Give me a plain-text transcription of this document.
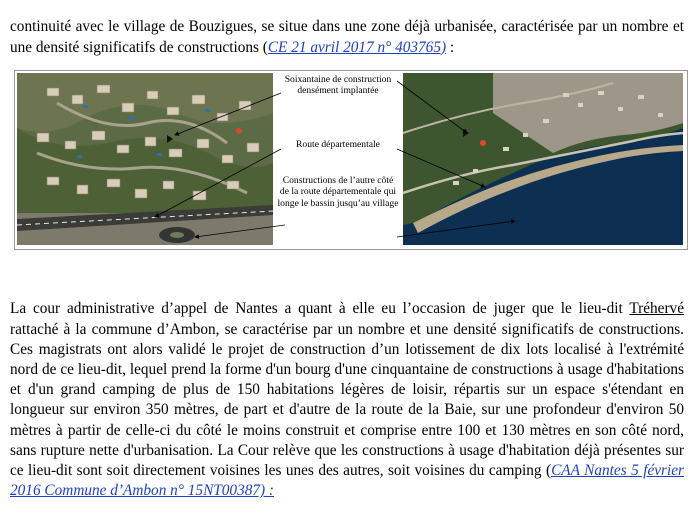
continuité avec le village de Bouzigues, se situe dans une zone déjà urbanisée, caractérisée par un nombre et une densité significatifs de constructions (CE 21 avril 2017 n° 403765) :

Soixantaine de construction densément implantée
Route départementale
Constructions de l’autre côté de la route départementale qui longe le bassin jusqu’au village

La cour administrative d’appel de Nantes a quant à elle eu l’occasion de juger que le lieu-dit Tréhervé rattaché à la commune d’Ambon, se caractérise par un nombre et une densité significatifs de constructions. Ces magistrats ont alors validé le projet de construction d’un lotissement de dix lots localisé à l'extrémité nord de ce lieu-dit, lequel prend la forme d'un bourg d'une cinquantaine de constructions à usage d'habitations et d'un grand camping de plus de 150 habitations légères de loisir, répartis sur un espace s'étendant en longueur sur environ 350 mètres, de part et d'autre de la route de la Baie, sur une profondeur d'environ 50 mètres à partir de celle-ci du côté le moins construit et comprise entre 100 et 130 mètres en son côté nord, sans rupture nette d'urbanisation. La Cour relève que les constructions à usage d'habitation déjà présentes sur ce lieu-dit sont soit directement voisines les unes des autres, soit voisines du camping (CAA Nantes 5 février 2016 Commune d’Ambon n° 15NT00387) :
